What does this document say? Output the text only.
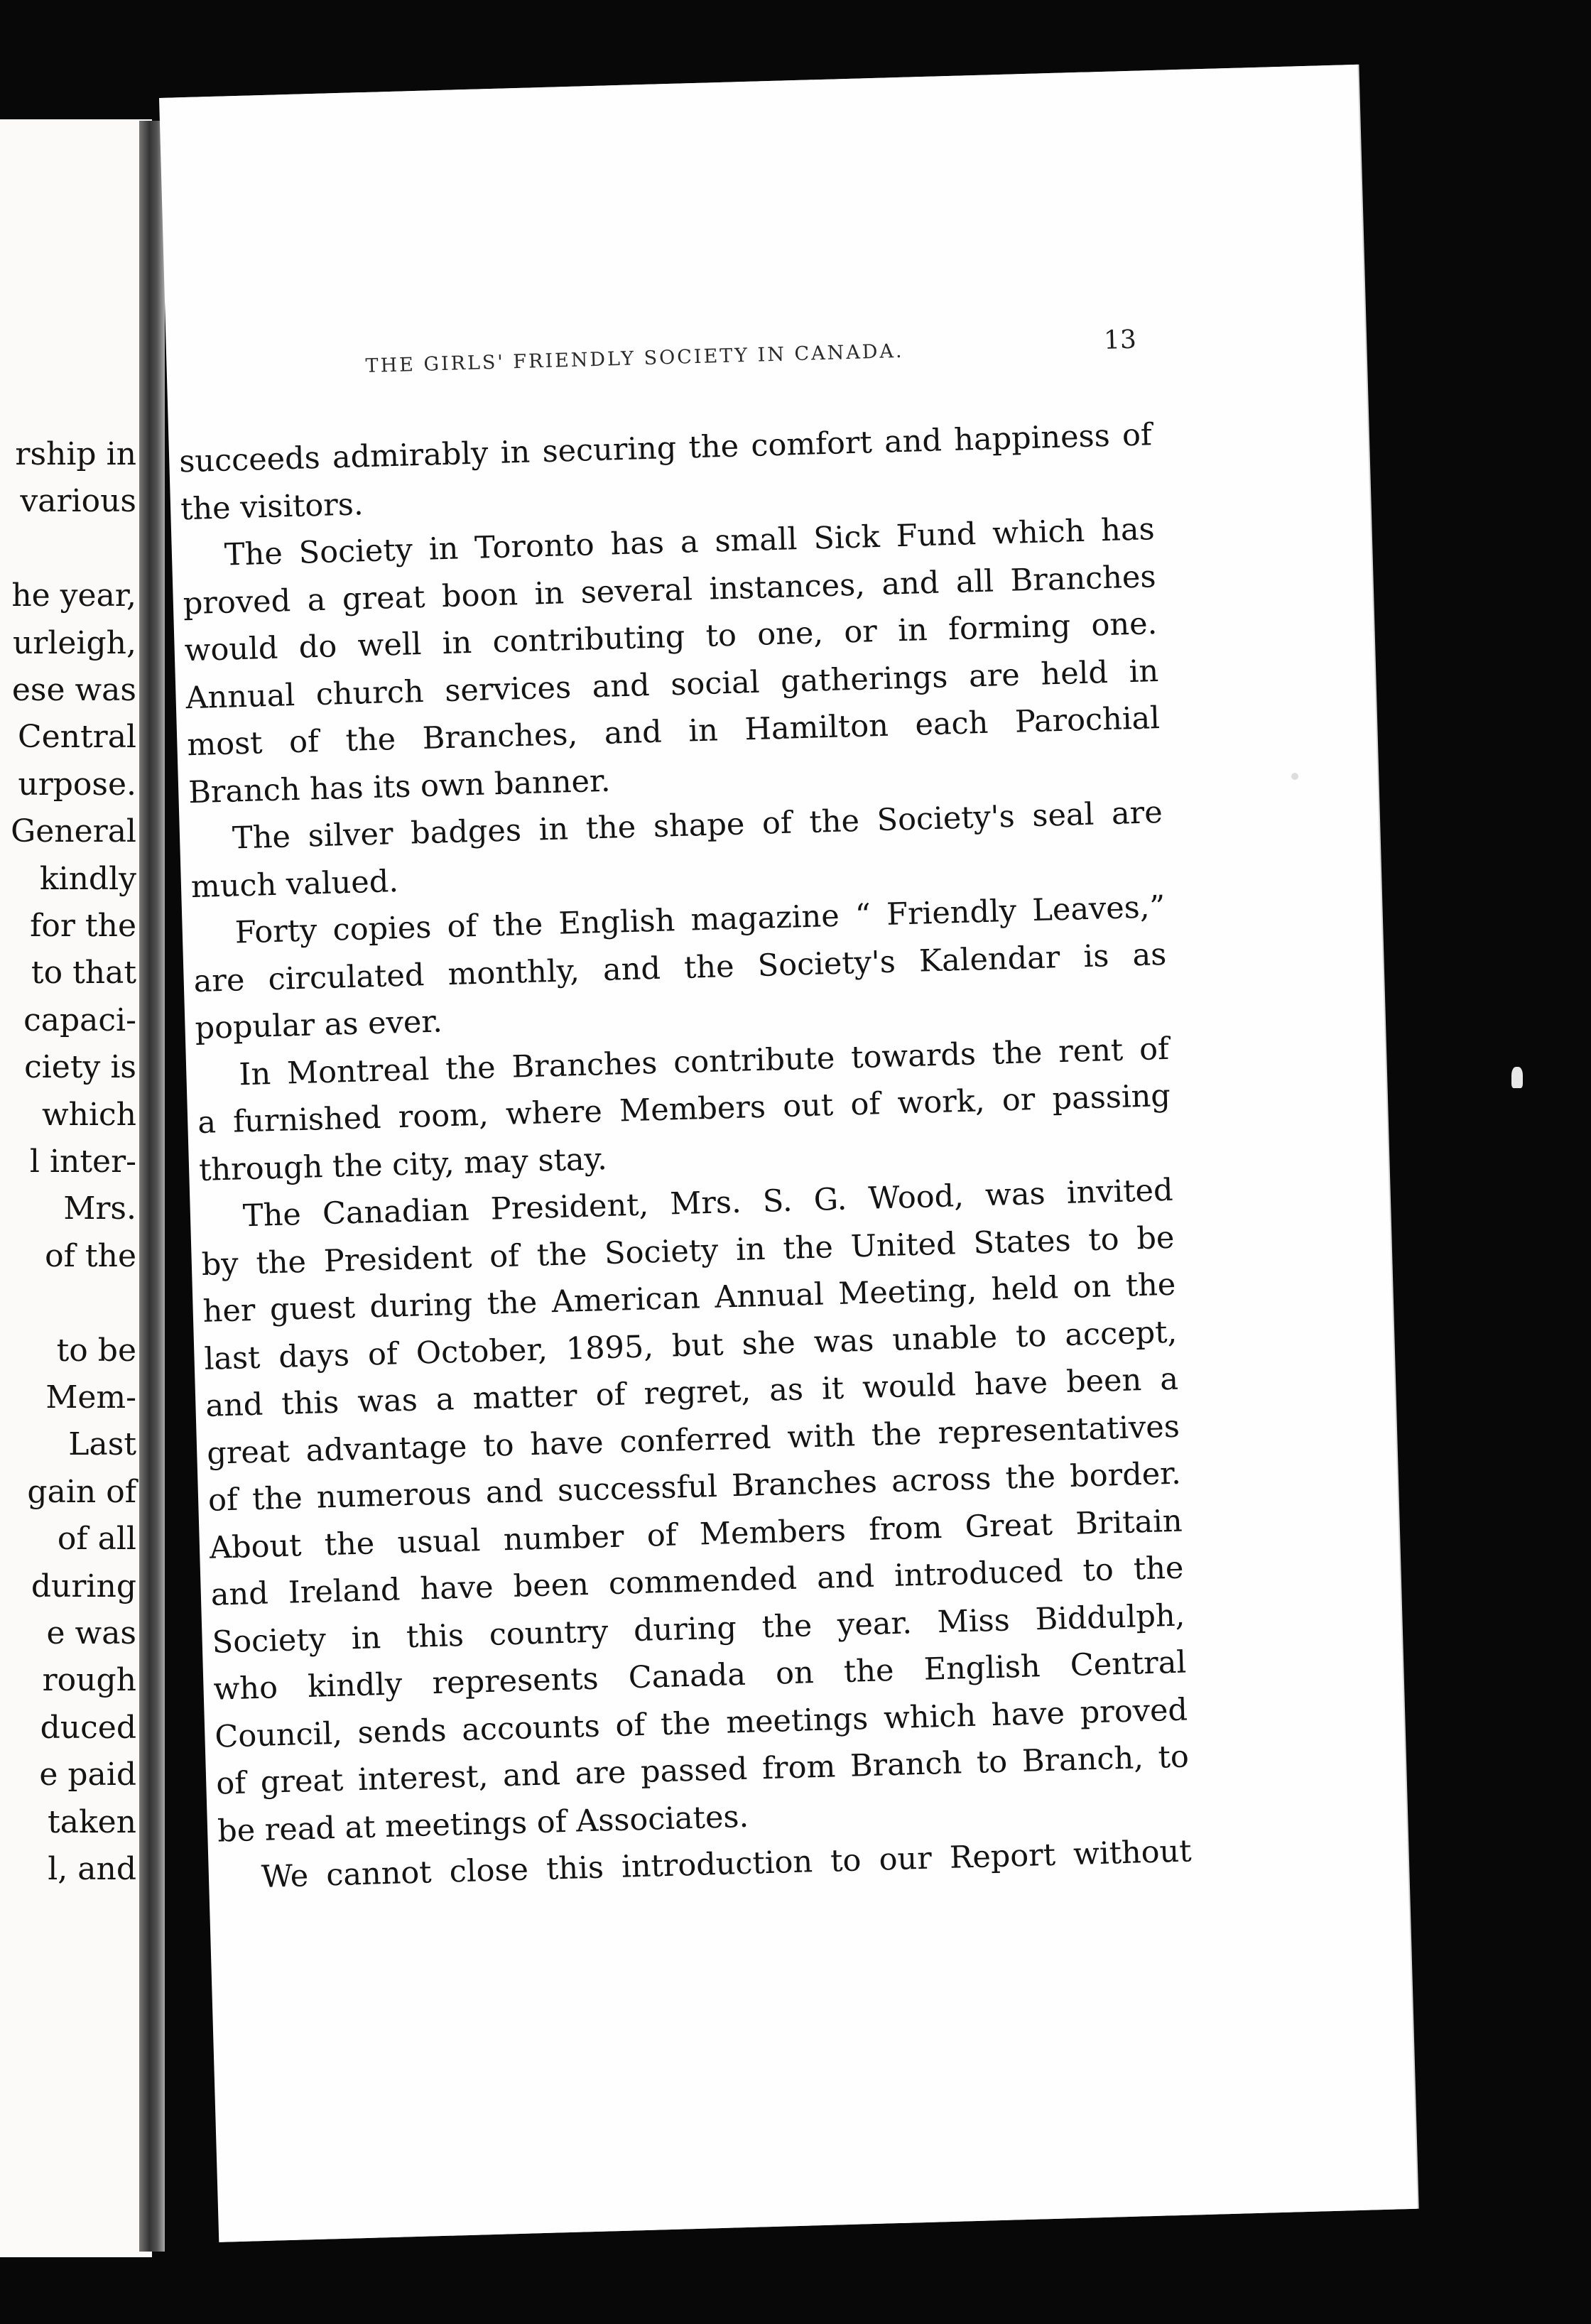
rship in
various
he year,
urleigh,
ese was
Central
urpose.
General
kindly
for the
to that
capaci-
ciety is
which
l inter-
Mrs.
of the
to be
Mem-
Last
gain of
of all
during
e was
rough
duced
e paid
taken
l, and
THE GIRLS' FRIENDLY SOCIETY IN CANADA.
13
succeeds admirably in securing the comfort and happiness of
the visitors.
The Society in Toronto has a small Sick Fund which has
proved a great boon in several instances, and all Branches
would do well in contributing to one, or in forming one.
Annual church services and social gatherings are held in
most of the Branches, and in Hamilton each Parochial
Branch has its own banner.
The silver badges in the shape of the Society's seal are
much valued.
Forty copies of the English magazine “ Friendly Leaves,”
are circulated monthly, and the Society's Kalendar is as
popular as ever.
In Montreal the Branches contribute towards the rent of
a furnished room, where Members out of work, or passing
through the city, may stay.
The Canadian President, Mrs. S. G. Wood, was invited
by the President of the Society in the United States to be
her guest during the American Annual Meeting, held on the
last days of October, 1895, but she was unable to accept,
and this was a matter of regret, as it would have been a
great advantage to have conferred with the representatives
of the numerous and successful Branches across the border.
About the usual number of Members from Great Britain
and Ireland have been commended and introduced to the
Society in this country during the year. Miss Biddulph,
who kindly represents Canada on the English Central
Council, sends accounts of the meetings which have proved
of great interest, and are passed from Branch to Branch, to
be read at meetings of Associates.
We cannot close this introduction to our Report without
